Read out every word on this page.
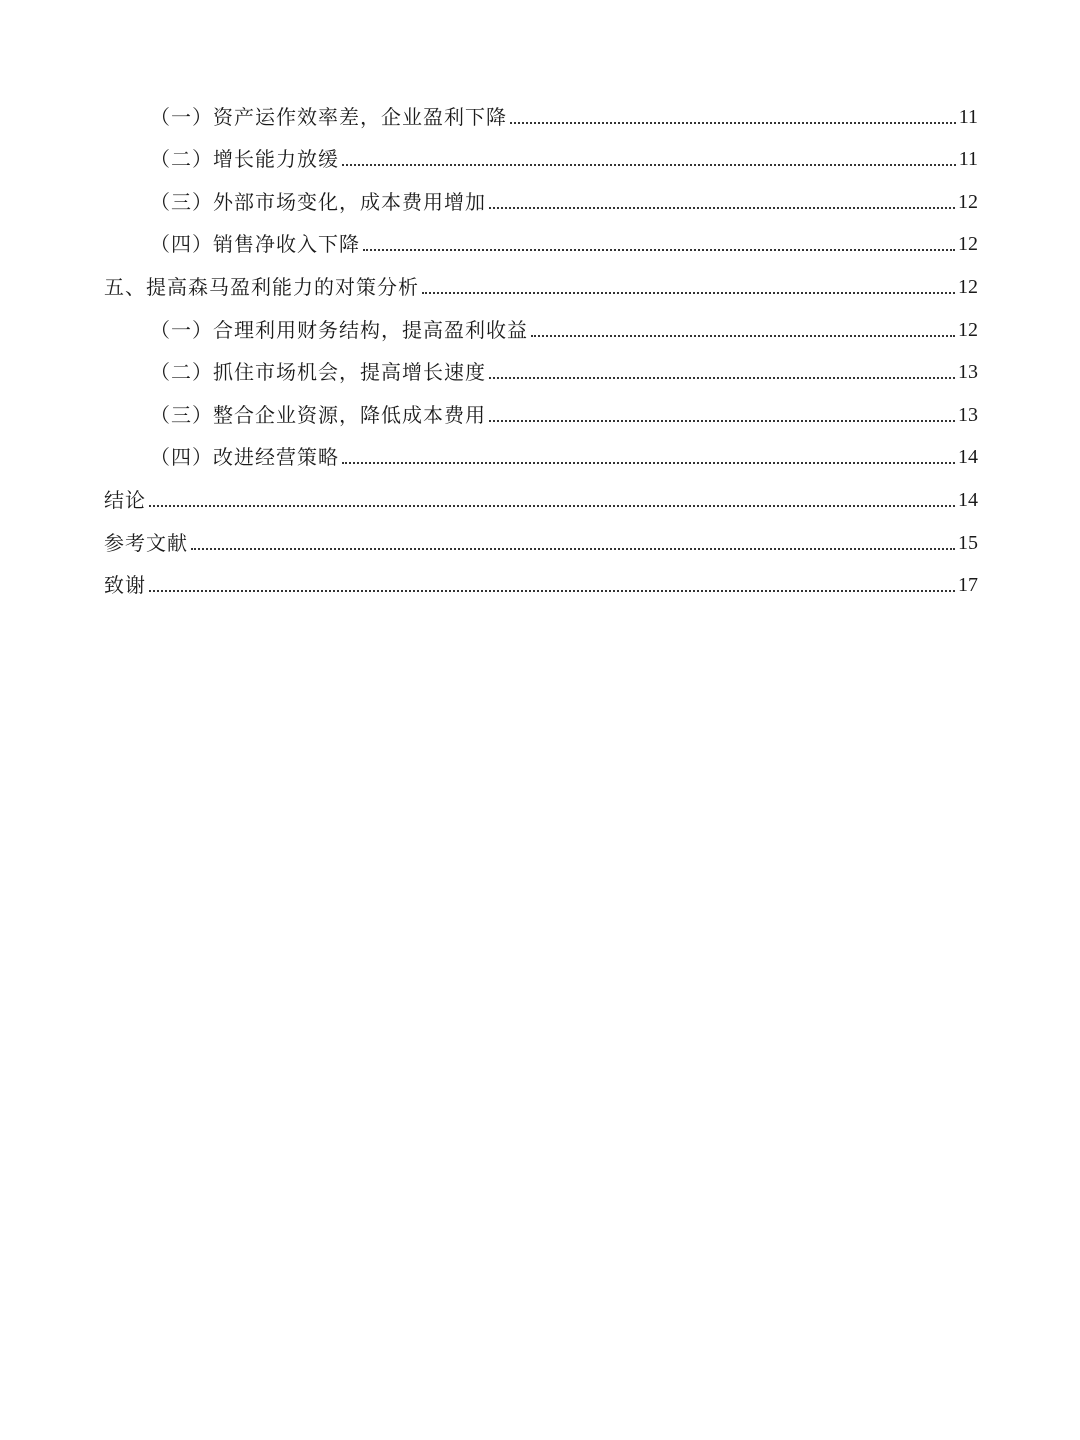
（一）资产运作效率差，企业盈利下降	11
（二）增长能力放缓	11
（三）外部市场变化，成本费用增加	12
（四）销售净收入下降	12
五、提高森马盈利能力的对策分析	12
（一）合理利用财务结构，提高盈利收益	12
（二）抓住市场机会，提高增长速度	13
（三）整合企业资源，降低成本费用	13
（四）改进经营策略	14
结论	14
参考文献	15
致谢	17
